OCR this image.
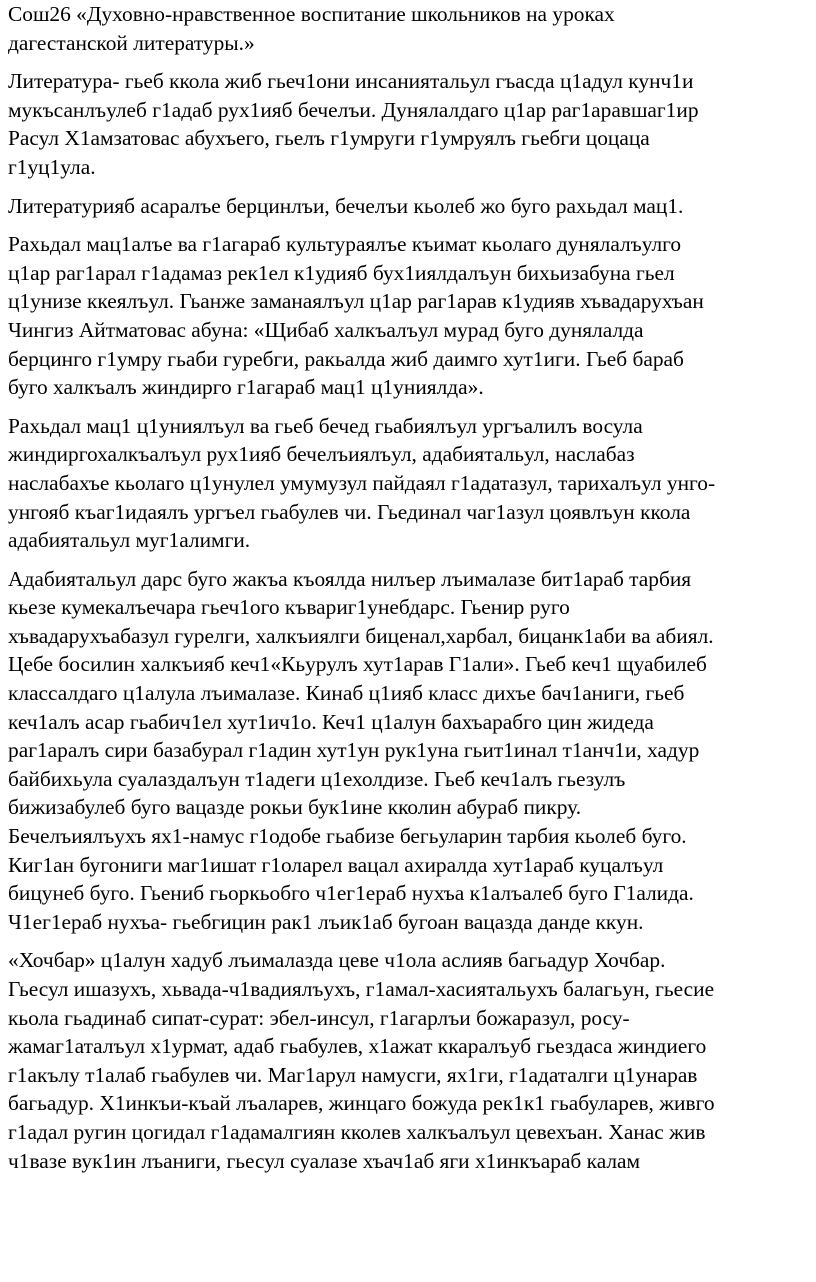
Сош26 «Духовно-нравственное воспитание школьников на уроках
дагестанской литературы.»
Литература- гьеб ккола жиб гьеч1они инсаниятальул гъасда ц1адул кунч1и
мукъсанлъулеб г1адаб рух1ияб бечелъи. Дунялалдаго ц1ар раг1аравшаг1ир
Расул Х1амзатовас абухъего, гьелъ г1умруги г1умруялъ гьебги цоцаца
г1уц1ула.
Литературияб асаралъе берцинлъи, бечелъи кьолеб жо буго рахьдал мац1.
Рахьдал мац1алъе ва г1агараб культураялъе къимат кьолаго дунялалъулго
ц1ар раг1арал г1адамаз рек1ел к1удияб бух1иялдалъун бихьизабуна гьел
ц1унизе ккеялъул. Гьанже заманаялъул ц1ар раг1арав к1удияв хъвадарухъан
Чингиз Айтматовас абуна: «Щибаб халкъалъул мурад буго дунялалда
берцинго г1умру гьаби гуребги, ракьалда жиб даимго хут1иги. Гьеб бараб
буго халкъалъ жиндирго г1агараб мац1 ц1униялда».
Рахьдал мац1 ц1униялъул ва гьеб бечед гьабиялъул ургъалилъ восула
жиндиргохалкъалъул рух1ияб бечелъиялъул, адабиятальул, наслабаз
наслабахъе кьолаго ц1унулел умумузул пайдаял г1адатазул, тарихалъул унго-
унгояб къаг1идаялъ ургъел гьабулев чи. Гьединал чаг1азул цоявлъун ккола
адабиятальул муг1алимги.
Адабиятальул дарс буго жакъа къоялда нилъер лъималазе бит1араб тарбия
кьезе кумекалъечара гьеч1ого къвариг1унебдарс. Гьенир руго
хъвадарухъабазул гурелги, халкъиялги биценал,харбал, бицанк1аби ва абиял.
Цебе босилин халкъияб кеч1«Кьурулъ хут1арав Г1али». Гьеб кеч1 щуабилеб
классалдаго ц1алула лъималазе. Кинаб ц1ияб класс дихъе бач1аниги, гьеб
кеч1алъ асар гьабич1ел хут1ич1о. Кеч1 ц1алун бахъарабго цин жидеда
раг1аралъ сири базабурал г1адин хут1ун рук1уна гьит1инал т1анч1и, хадур
байбихьула суалаздалъун т1адеги ц1ехолдизе. Гьеб кеч1алъ гьезулъ
бижизабулеб буго вацазде рокьи бук1ине кколин абураб пикру.
Бечелъиялъухъ ях1-намус г1одобе гьабизе бегьуларин тарбия кьолеб буго.
Киг1ан бугониги маг1ишат г1оларел вацал ахиралда хут1араб куцалъул
бицунеб буго. Гьениб гьоркьобго ч1ег1ераб нухъа к1алъалеб буго Г1алида.
Ч1ег1ераб нухъа- гьебгицин рак1 лъик1аб бугоан вацазда данде ккун.
«Хочбар» ц1алун хадуб лъималазда цеве ч1ола аслияв багьадур Хочбар.
Гьесул ишазухъ, хьвада-ч1вадиялъухъ, г1амал-хасиятальухъ балагьун, гьесие
кьола гьадинаб сипат-сурат: эбел-инсул, г1агарлъи божаразул, росу-
жамаг1аталъул х1урмат, адаб гьабулев, х1ажат ккаралъуб гьездаса жиндиего
г1акълу т1алаб гьабулев чи. Маг1арул намусги, ях1ги, г1адаталги ц1унарав
багьадур. Х1инкъи-къай лъаларев, жинцаго божуда рек1к1 гьабуларев, живго
г1адал ругин цогидал г1адамалгиян кколев халкъалъул цевехъан. Ханас жив
ч1вазе вук1ин лъаниги, гьесул суалазе хъач1аб яги х1инкъараб калам
